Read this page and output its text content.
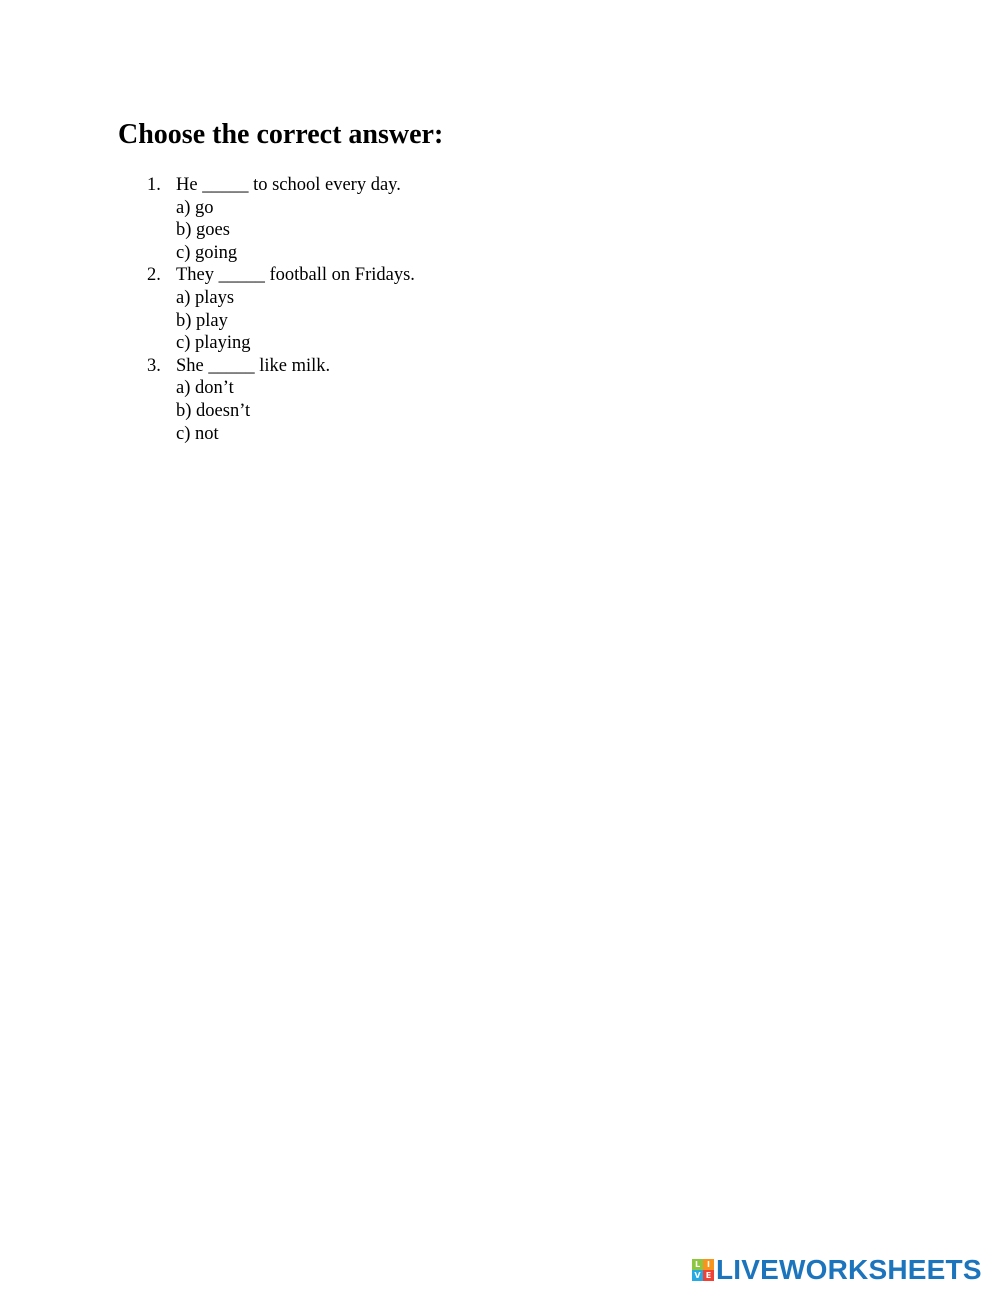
Choose the correct answer:
1. He _____ to school every day.
a) go
b) goes
c) going
2. They _____ football on Fridays.
a) plays
b) play
c) playing
3. She _____ like milk.
a) don’t
b) doesn’t
c) not
L I
V E LIVEWORKSHEETS
